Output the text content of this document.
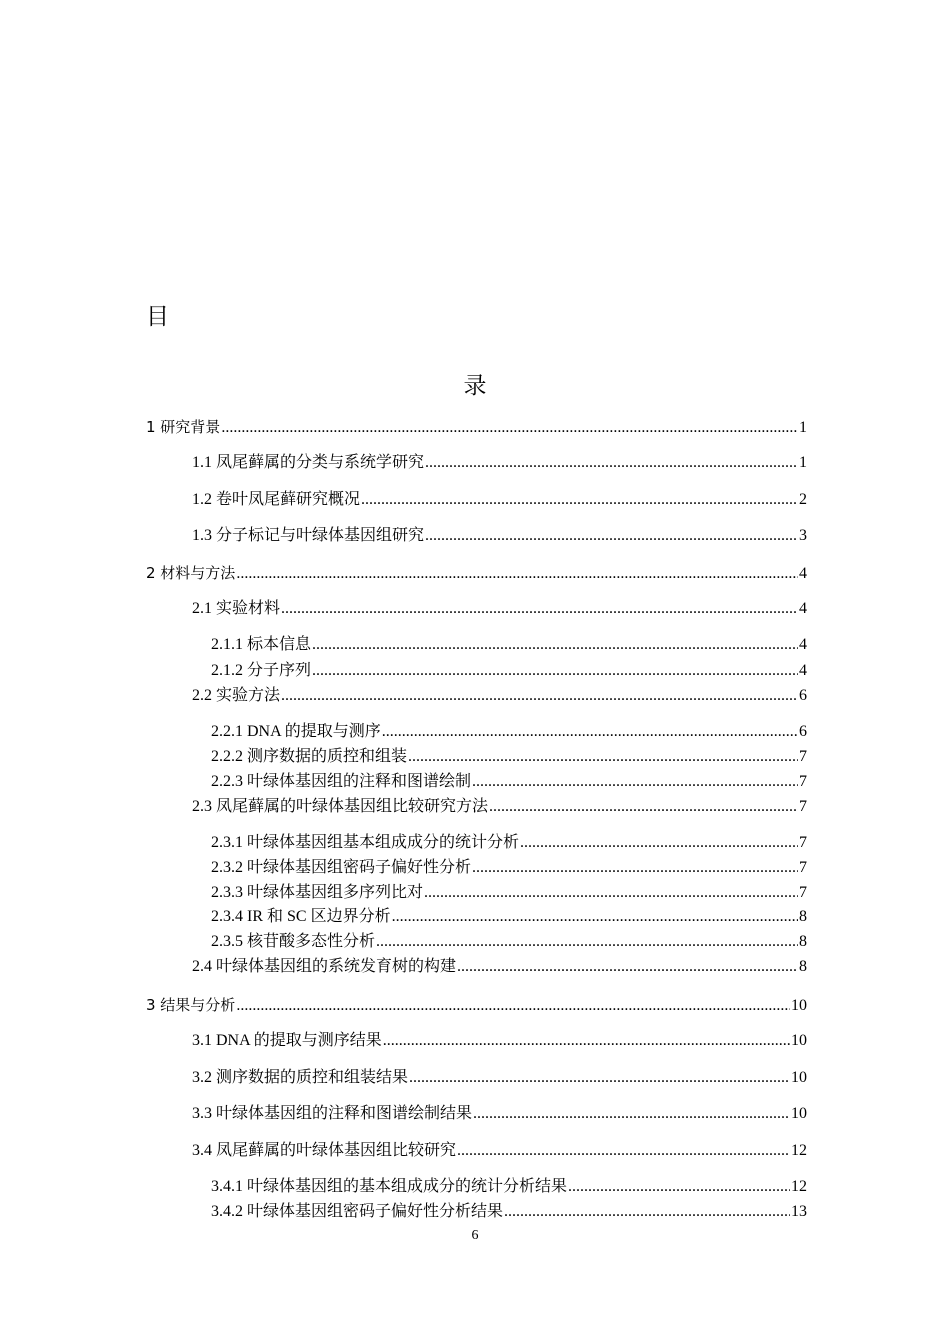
目
录
1 研究背景 .....	1
1.1 凤尾藓属的分类与系统学研究 .....	1
1.2 卷叶凤尾藓研究概况 .....	2
1.3 分子标记与叶绿体基因组研究 .....	3
2 材料与方法 .....	4
2.1 实验材料 .....	4
2.1.1 标本信息 .....	4
2.1.2 分子序列 .....	4
2.2 实验方法 .....	6
2.2.1 DNA 的提取与测序 .....	6
2.2.2 测序数据的质控和组装 .....	7
2.2.3 叶绿体基因组的注释和图谱绘制 .....	7
2.3 凤尾藓属的叶绿体基因组比较研究方法 .....	7
2.3.1 叶绿体基因组基本组成成分的统计分析 .....	7
2.3.2 叶绿体基因组密码子偏好性分析 .....	7
2.3.3 叶绿体基因组多序列比对 .....	7
2.3.4 IR 和 SC 区边界分析 .....	8
2.3.5 核苷酸多态性分析 .....	8
2.4 叶绿体基因组的系统发育树的构建 .....	8
3 结果与分析 .....	10
3.1 DNA 的提取与测序结果 .....	10
3.2 测序数据的质控和组装结果 .....	10
3.3 叶绿体基因组的注释和图谱绘制结果 .....	10
3.4 凤尾藓属的叶绿体基因组比较研究 .....	12
3.4.1 叶绿体基因组的基本组成成分的统计分析结果 .....	12
3.4.2 叶绿体基因组密码子偏好性分析结果 .....	13
6
